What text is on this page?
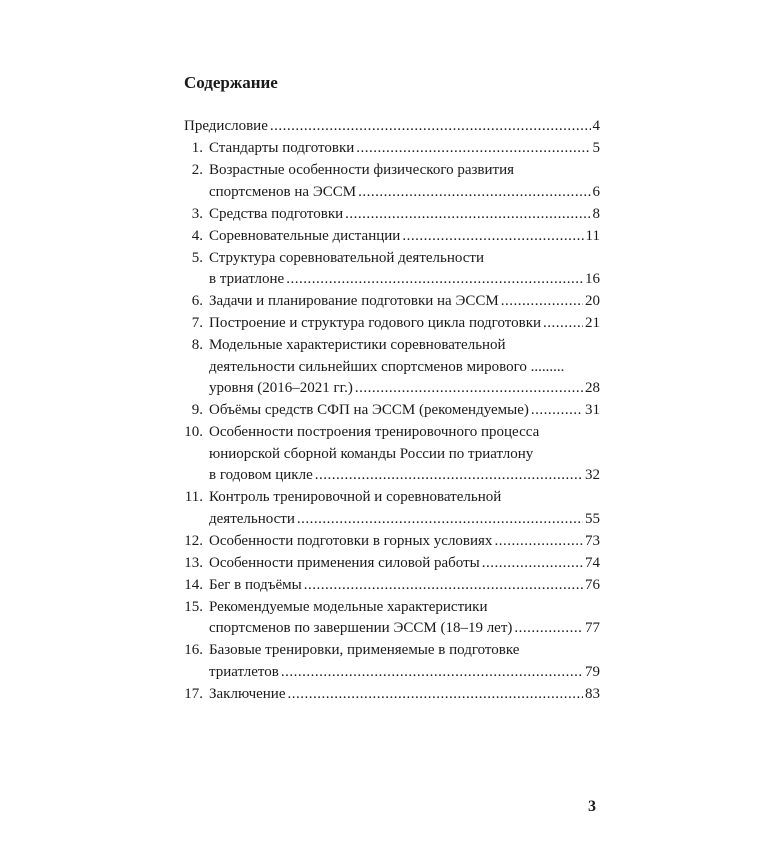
Содержание
Предисловие .....	4
1. Стандарты подготовки .....	5
2. Возрастные особенности физического развития
спортсменов на ЭССМ .....	6
3. Средства подготовки .....	8
4. Соревновательные дистанции .....	11
5. Структура соревновательной деятельности
в триатлоне .....	16
6. Задачи и планирование подготовки на ЭССМ .....	20
7. Построение и структура годового цикла подготовки .....	21
8. Модельные характеристики соревновательной
деятельности сильнейших спортсменов мирового .........
уровня (2016–2021 гг.) .....	28
9. Объёмы средств СФП на ЭССМ (рекомендуемые) .....	31
10. Особенности построения тренировочного процесса
юниорской сборной команды России по триатлону
в годовом цикле .....	32
11. Контроль тренировочной и соревновательной
деятельности .....	55
12. Особенности подготовки в горных условиях .....	73
13. Особенности применения силовой работы .....	74
14. Бег в подъёмы .....	76
15. Рекомендуемые модельные характеристики
спортсменов по завершении ЭССМ (18–19 лет) .....	77
16. Базовые тренировки, применяемые в подготовке
триатлетов .....	79
17. Заключение .....	83
3
